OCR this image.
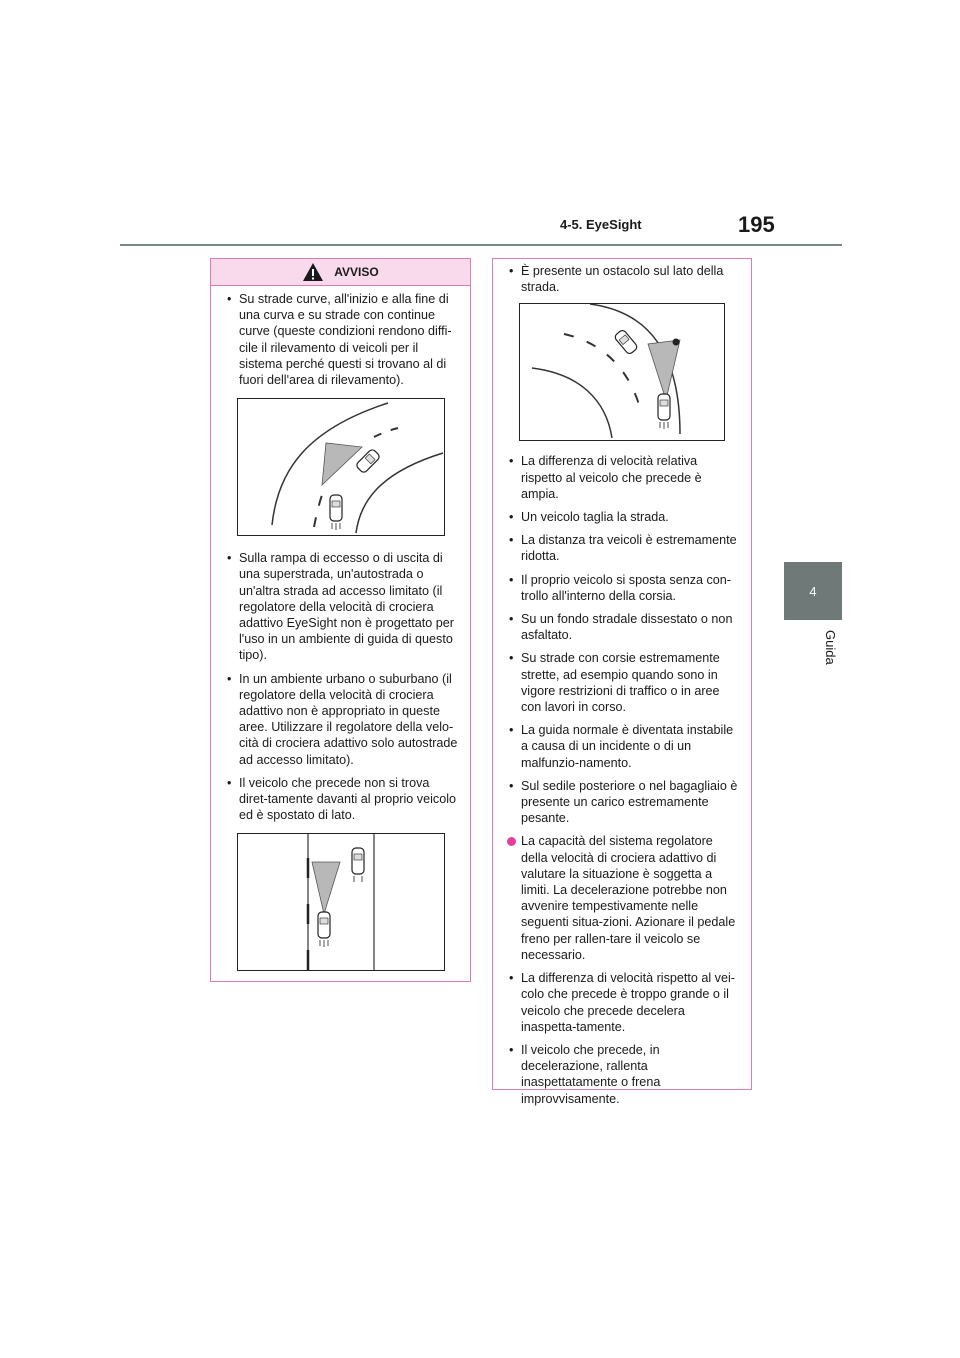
4-5. EyeSight	195
4
Guida
AVVISO
• Su strade curve, all'inizio e alla fine di una curva e su strade con continue curve (queste condizioni rendono diffi-cile il rilevamento di veicoli per il sistema perché questi si trovano al di fuori dell'area di rilevamento).
• Sulla rampa di eccesso o di uscita di una superstrada, un'autostrada o un'altra strada ad accesso limitato (il regolatore della velocità di crociera adattivo EyeSight non è progettato per l'uso in un ambiente di guida di questo tipo).
• In un ambiente urbano o suburbano (il regolatore della velocità di crociera adattivo non è appropriato in queste aree. Utilizzare il regolatore della velo-cità di crociera adattivo solo autostrade ad accesso limitato).
• Il veicolo che precede non si trova diret-tamente davanti al proprio veicolo ed è spostato di lato.
• È presente un ostacolo sul lato della strada.
• La differenza di velocità relativa rispetto al veicolo che precede è ampia.
• Un veicolo taglia la strada.
• La distanza tra veicoli è estremamente ridotta.
• Il proprio veicolo si sposta senza con-trollo all'interno della corsia.
• Su un fondo stradale dissestato o non asfaltato.
• Su strade con corsie estremamente strette, ad esempio quando sono in vigore restrizioni di traffico o in aree con lavori in corso.
• La guida normale è diventata instabile a causa di un incidente o di un malfunzio-namento.
• Sul sedile posteriore o nel bagagliaio è presente un carico estremamente pesante.
La capacità del sistema regolatore della velocità di crociera adattivo di valutare la situazione è soggetta a limiti. La decelerazione potrebbe non avvenire tempestivamente nelle seguenti situa-zioni. Azionare il pedale freno per rallen-tare il veicolo se necessario.
• La differenza di velocità rispetto al vei-colo che precede è troppo grande o il veicolo che precede decelera inaspetta-tamente.
• Il veicolo che precede, in decelerazione, rallenta inaspettatamente o frena improvvisamente.
